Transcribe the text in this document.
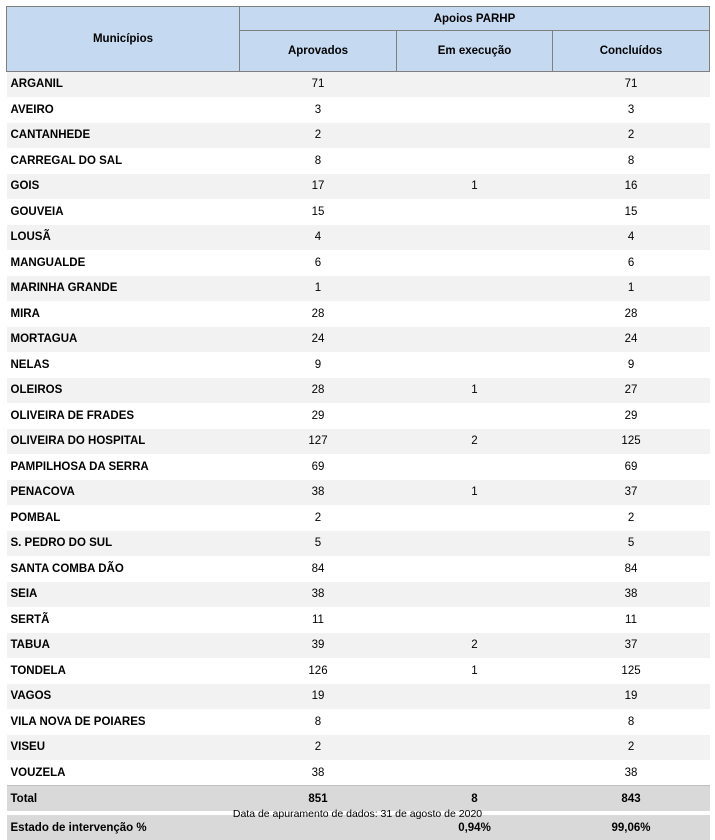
Municípios	Apoios PARHP		
	Aprovados	Em execução	Concluídos
ARGANIL	71		71
AVEIRO	3		3
CANTANHEDE	2		2
CARREGAL DO SAL	8		8
GOIS	17	1	16
GOUVEIA	15		15
LOUSÃ	4		4
MANGUALDE	6		6
MARINHA GRANDE	1		1
MIRA	28		28
MORTAGUA	24		24
NELAS	9		9
OLEIROS	28	1	27
OLIVEIRA DE FRADES	29		29
OLIVEIRA DO HOSPITAL	127	2	125
PAMPILHOSA DA SERRA	69		69
PENACOVA	38	1	37
POMBAL	2		2
S. PEDRO DO SUL	5		5
SANTA COMBA DÃO	84		84
SEIA	38		38
SERTÃ	11		11
TABUA	39	2	37
TONDELA	126	1	125
VAGOS	19		19
VILA NOVA DE POIARES	8		8
VISEU	2		2
VOUZELA	38		38
Total	851	8	843

Estado de intervenção %		0,94%	99,06%
Data de apuramento de dados: 31 de agosto de 2020
